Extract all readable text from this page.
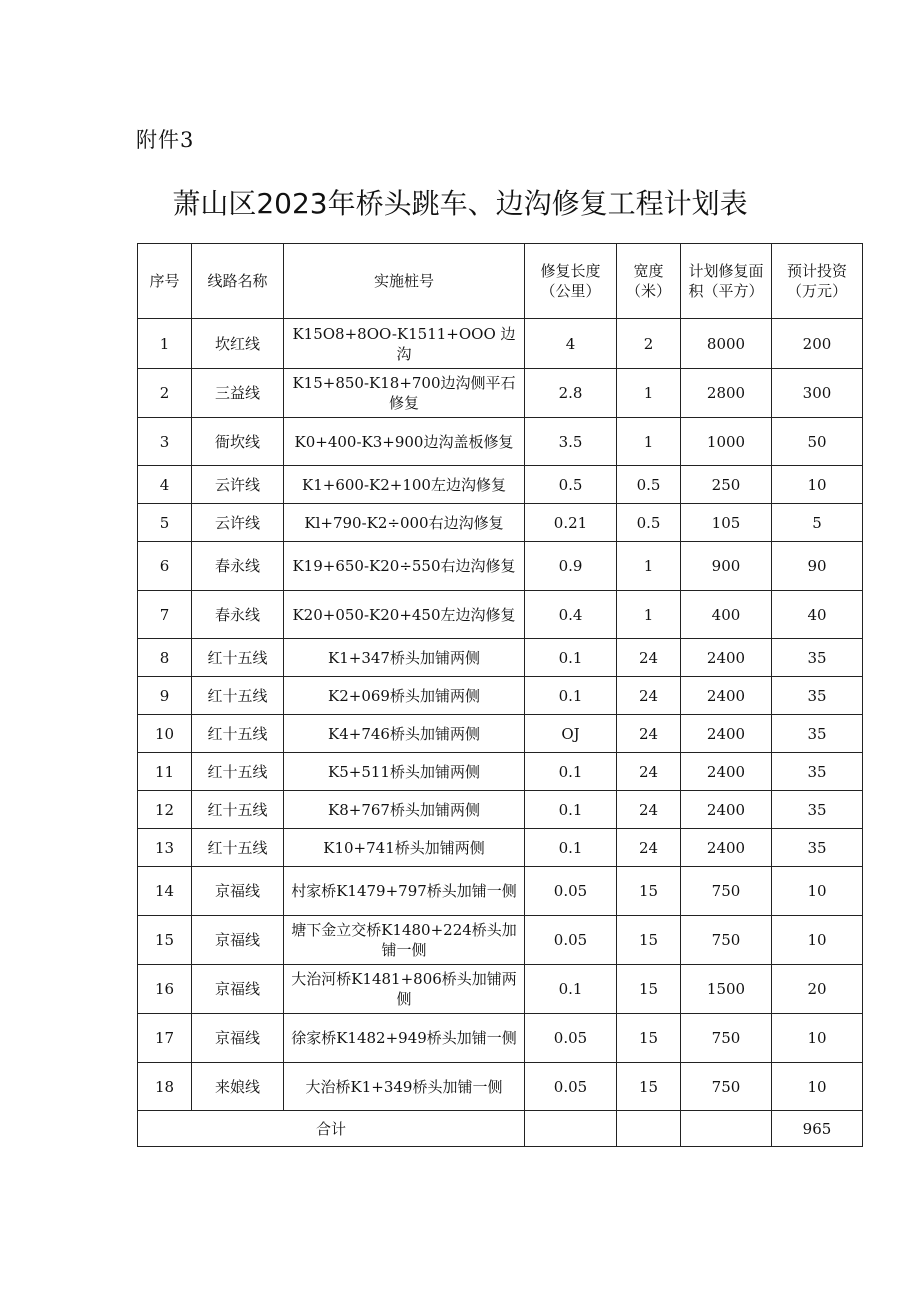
附件3
萧山区2023年桥头跳车、边沟修复工程计划表
序号	线路名称	实施桩号	修复长度（公里）	宽度（米）	计划修复面积（平方）	预计投资（万元）
1	坎红线	K15O8+8OO-K1511+OOO 边沟	4	2	8000	200
2	三益线	K15+850-K18+700边沟侧平石修复	2.8	1	2800	300
3	衙坎线	K0+400-K3+900边沟盖板修复	3.5	1	1000	50
4	云许线	K1+600-K2+100左边沟修复	0.5	0.5	250	10
5	云许线	Kl+790-K2÷000右边沟修复	0.21	0.5	105	5
6	春永线	K19+650-K20÷550右边沟修复	0.9	1	900	90
7	春永线	K20+050-K20+450左边沟修复	0.4	1	400	40
8	红十五线	K1+347桥头加铺两侧	0.1	24	2400	35
9	红十五线	K2+069桥头加铺两侧	0.1	24	2400	35
10	红十五线	K4+746桥头加铺两侧	OJ	24	2400	35
11	红十五线	K5+511桥头加铺两侧	0.1	24	2400	35
12	红十五线	K8+767桥头加铺两侧	0.1	24	2400	35
13	红十五线	K10+741桥头加铺两侧	0.1	24	2400	35
14	京福线	村家桥K1479+797桥头加铺一侧	0.05	15	750	10
15	京福线	塘下金立交桥K1480+224桥头加铺一侧	0.05	15	750	10
16	京福线	大治河桥K1481+806桥头加铺两侧	0.1	15	1500	20
17	京福线	徐家桥K1482+949桥头加铺一侧	0.05	15	750	10
18	来娘线	大治桥K1+349桥头加铺一侧	0.05	15	750	10
合计						965
